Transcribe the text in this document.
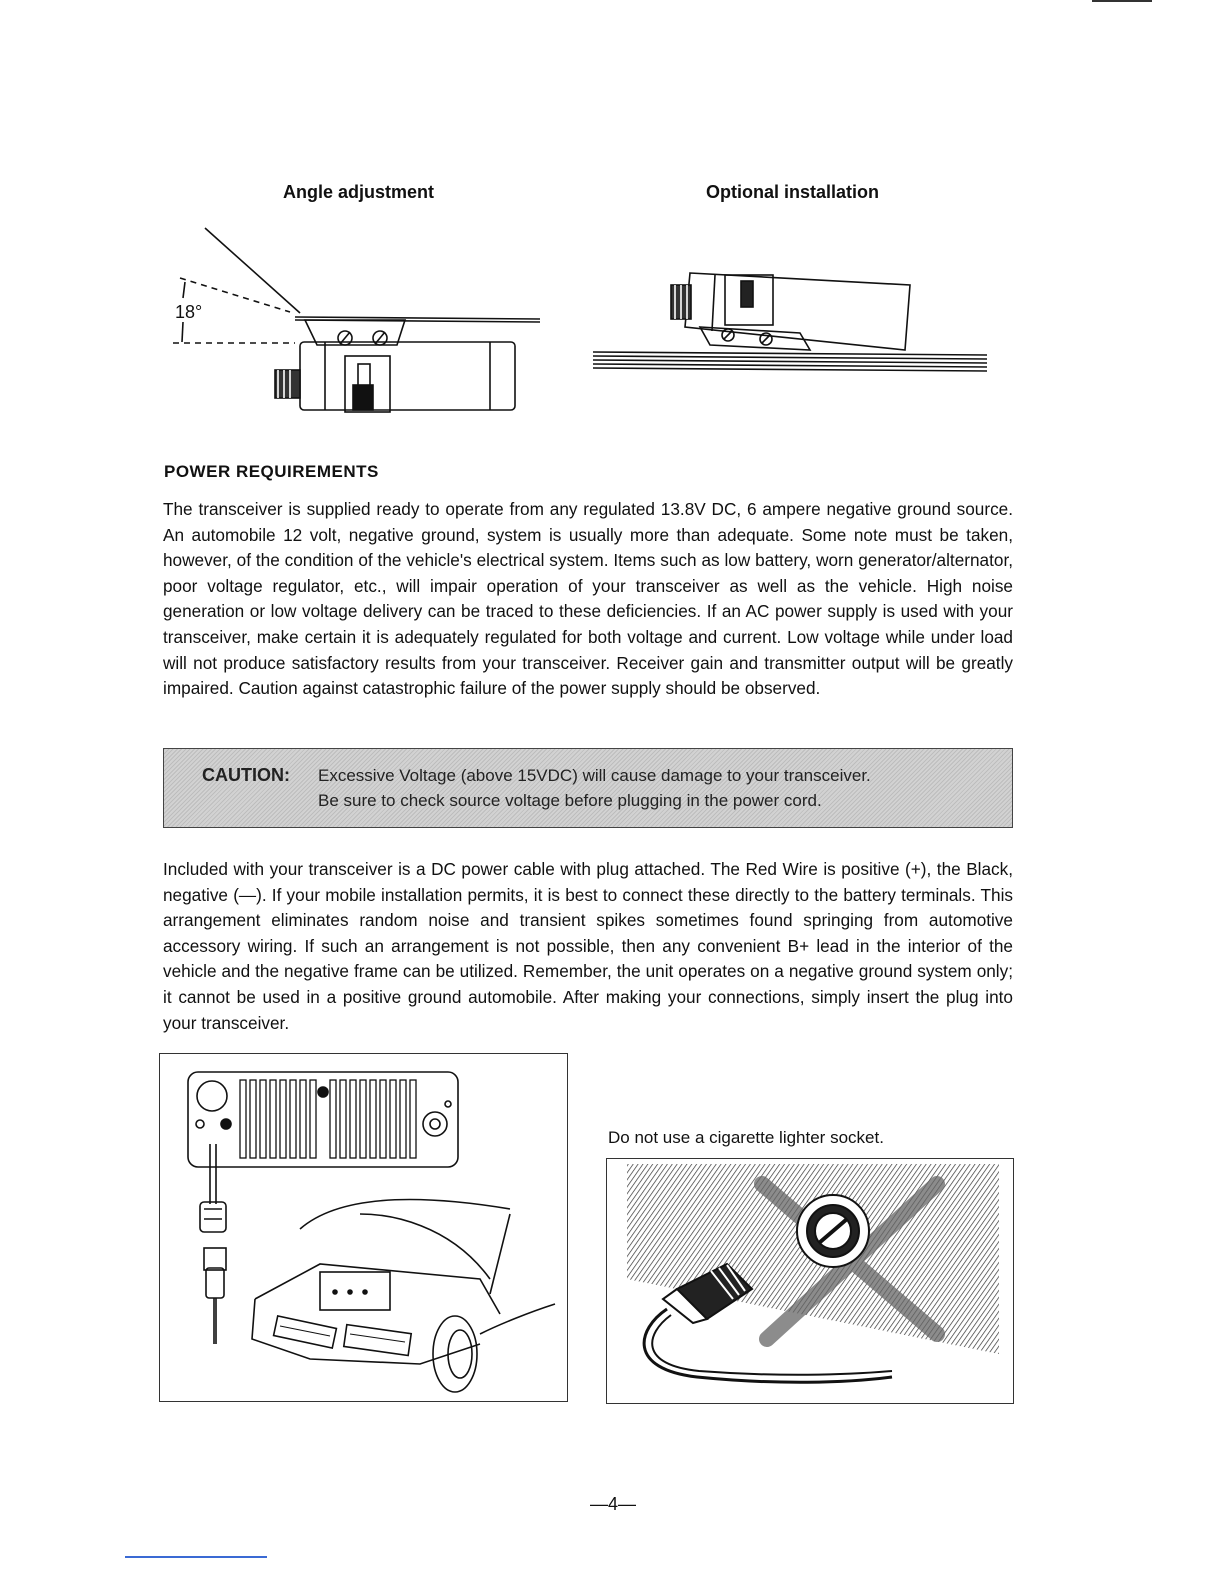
Angle adjustment	Optional installation
18°
POWER REQUIREMENTS

The transceiver is supplied ready to operate from any regulated 13.8V DC, 6 ampere negative ground source. An automobile 12 volt, negative ground, system is usually more than adequate. Some note must be taken, however, of the condition of the vehicle's electrical system. Items such as low battery, worn generator/alternator, poor voltage regulator, etc., will impair operation of your transceiver as well as the vehicle. High noise generation or low voltage delivery can be traced to these deficiencies. If an AC power supply is used with your transceiver, make certain it is adequately regulated for both voltage and current. Low voltage while under load will not produce satisfactory results from your transceiver. Receiver gain and transmitter output will be greatly impaired. Caution against catastrophic failure of the power supply should be observed.

CAUTION: Excessive Voltage (above 15VDC) will cause damage to your transceiver.
Be sure to check source voltage before plugging in the power cord.

Included with your transceiver is a DC power cable with plug attached. The Red Wire is positive (+), the Black, negative (—). If your mobile installation permits, it is best to connect these directly to the battery terminals. This arrangement eliminates random noise and transient spikes sometimes found springing from automotive accessory wiring. If such an arrangement is not possible, then any convenient B+ lead in the interior of the vehicle and the negative frame can be utilized. Remember, the unit operates on a negative ground system only; it cannot be used in a positive ground automobile. After making your connections, simply insert the plug into your transceiver.

Do not use a cigarette lighter socket.
—4—
